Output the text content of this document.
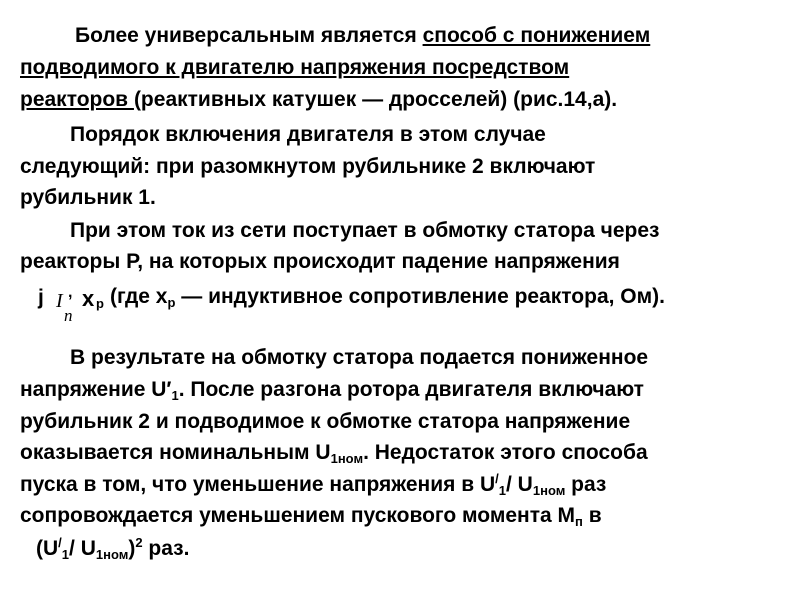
Более универсальным является способ с понижением
подводимого к двигателю напряжения посредством
реакторов (реактивных катушек — дросселей) (рис.14,а).
Порядок включения двигателя в этом случае
следующий: при разомкнутом рубильнике 2 включают
рубильник 1.
При этом ток из сети поступает в обмотку статора через
реакторы Р, на которых происходит падение напряжения
j I ,
п
x р (где $x_р$ — индуктивное сопротивление реактора, Ом).
В результате на обмотку статора подается пониженное
напряжение $U'_1$. После разгона ротора двигателя включают
рубильник 2 и подводимое к обмотке статора напряжение
оказывается номинальным $U_{1ном}$. Недостаток этого способа
пуска в том, что уменьшение напряжения в $U^/_1/$ $U_{1ном}$ раз
сопровождается уменьшением пускового момента $М_п$ в
($U^/_1/$ $U_{1ном})^2$ раз.
